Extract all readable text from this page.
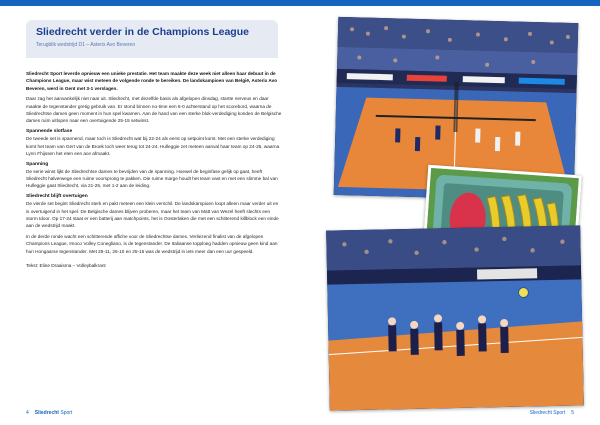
Sliedrecht verder in de Champions League
Terugblik wedstrijd D1 – Asterix Avo Beveren

Sliedrecht Sport leverde opnieuw een unieke prestatie. Het team maakte deze week niet alleen haar debuut in de Champions League, maar wist meteen de volgende ronde te bereiken. De landskampioen van België, Asterix Avo Beveren, werd in Gent met 3-1 verslagen.

Daar zag het aanvankelijk niet naar uit. Sliedrecht, met dezelfde basis als afgelopen dinsdag, startte nerveus en daar maakte de tegenstander gretig gebruik van. Er stond binnen no-time een 6-0 achterstand op het scorebord, waarna de Sliedrechtse dames geen moment in hun spel kwamen. Aan de hand van een sterke blok-verdediging konden de Belgische dames ruim uitlopen naar een overtuigende 25-15 setwinst.

Spannende slotfase

De tweede set is spannend, maar toch is Sliedrecht wat bij 22-24 als eerst op setpoint komt. Met een sterke verdediging komt het team van Gert van de Broek toch weer terug tot 24-24. Hulleggie zet meteen aanval haar team op 24-25, waarna Lynn Fhijssen het eten een ace afmaakt.

Spanning

De serie winst lijkt de Sliedrechtse dames te bevrijden van de spanning. Hoewel de beginfase gelijk op gaat, heeft Sliedrecht halverwege een ruime voorsprong te pakken. Die ruime marge houdt het team vast en met een slimme bal van Hulleggie gaat Sliedrecht, via 21-25, met 1-2 aan de leiding.

Sliedrecht blijft overtuigen

De vierde set begint Sliedrecht sterk en pakt meteen een klein verschil. De landskampioen loopt alleen maar verder uit en is overtuigend in het spel. De Belgische dames blijven proberen, maar het team van Matt van Wezel heeft slechts een storm tdoor. Op 17-24 staat er een batterij aan matchpoints, het is Oosterlaken die met een schitterend killblock een einde aan de wedstrijd maakt.

In de derde ronde wacht een schitterende affiche voor de Sliedrechtse dames. Verliezend finalist van de afgelopen Champions League, Imoco Volley Conegliano, is de tegenstander. De Italiaanse topploeg hadden opnieuw geen kind aan hun Hongaarse tegenstander. Met 25-11, 25-10 en 25-15 was de wedstrijd in iets meer dan een uur gespeeld.

Tekst: Eline Draaisma – Volleybalkrant

4 Sliedrecht Sport	Sliedrecht Sport 5
